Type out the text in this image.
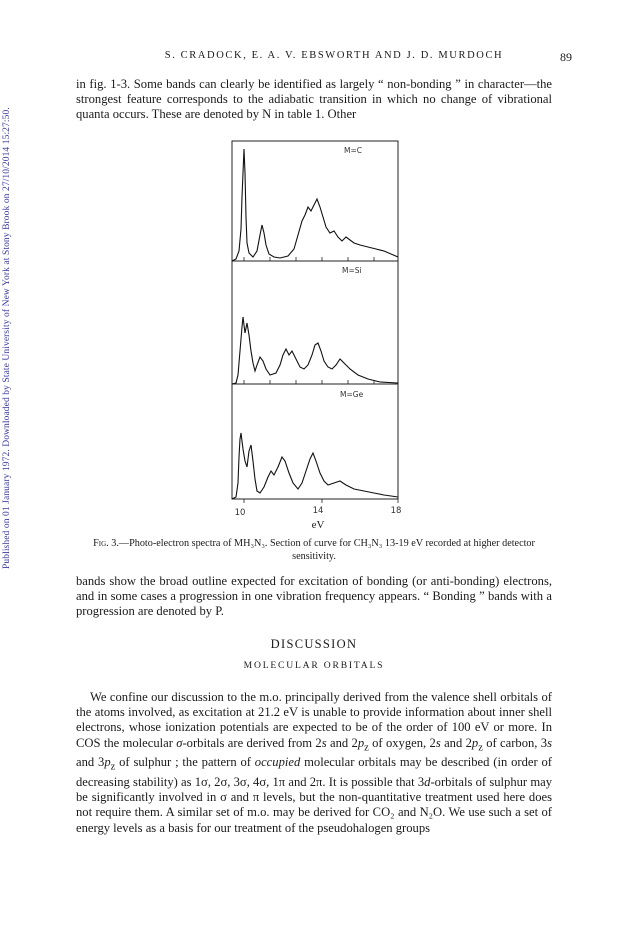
Published on 01 January 1972. Downloaded by State University of New York at Stony Brook on 27/10/2014 15:27:50.
S. CRADOCK, E. A. V. EBSWORTH AND J. D. MURDOCH	89
in fig. 1-3. Some bands can clearly be identified as largely “ non-bonding ” in character—the strongest feature corresponds to the adiabatic transition in which no change of vibrational quanta occurs. These are denoted by N in table 1. Other
M=C
M=Si
M=Ge
10	14	18
eV
Fig. 3.—Photo-electron spectra of MH₃N₃. Section of curve for CH₃N₃ 13-19 eV recorded at higher detector sensitivity.
bands show the broad outline expected for excitation of bonding (or anti-bonding) electrons, and in some cases a progression in one vibration frequency appears. “ Bonding ” bands with a progression are denoted by P.
DISCUSSION
MOLECULAR ORBITALS
We confine our discussion to the m.o. principally derived from the valence shell orbitals of the atoms involved, as excitation at 21.2 eV is unable to provide information about inner shell electrons, whose ionization potentials are expected to be of the order of 100 eV or more. In COS the molecular σ-orbitals are derived from 2s and $2p_z$ of oxygen, 2s and $2p_z$ of carbon, 3s and $3p_z$ of sulphur ; the pattern of occupied molecular orbitals may be described (in order of decreasing stability) as 1σ, 2σ, 3σ, 4σ, 1π and 2π. It is possible that 3d-orbitals of sulphur may be significantly involved in σ and π levels, but the non-quantitative treatment used here does not require them. A similar set of m.o. may be derived for CO₂ and N₂O. We use such a set of energy levels as a basis for our treatment of the pseudohalogen groups
